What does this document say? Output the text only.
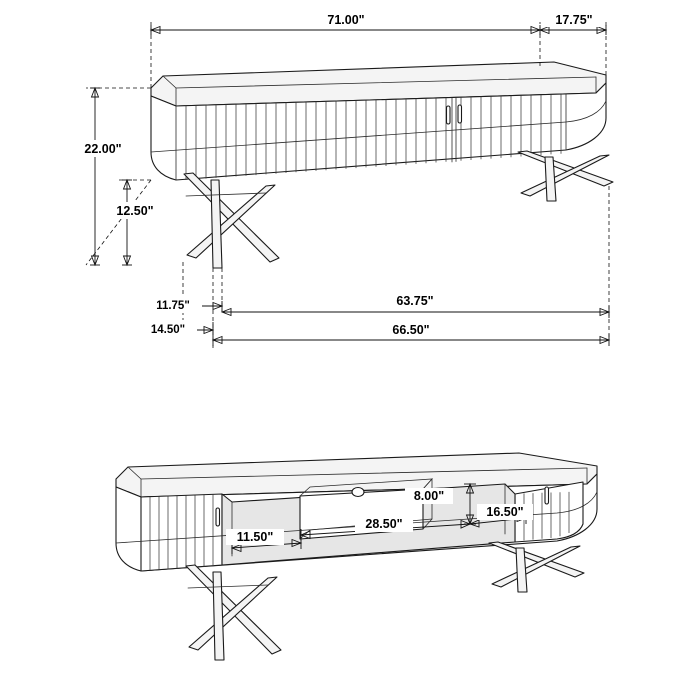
71.00"	17.75"
22.00"
12.50"
11.75"
14.50"
63.75"
66.50"
8.00"
16.50"
28.50"
11.50"
